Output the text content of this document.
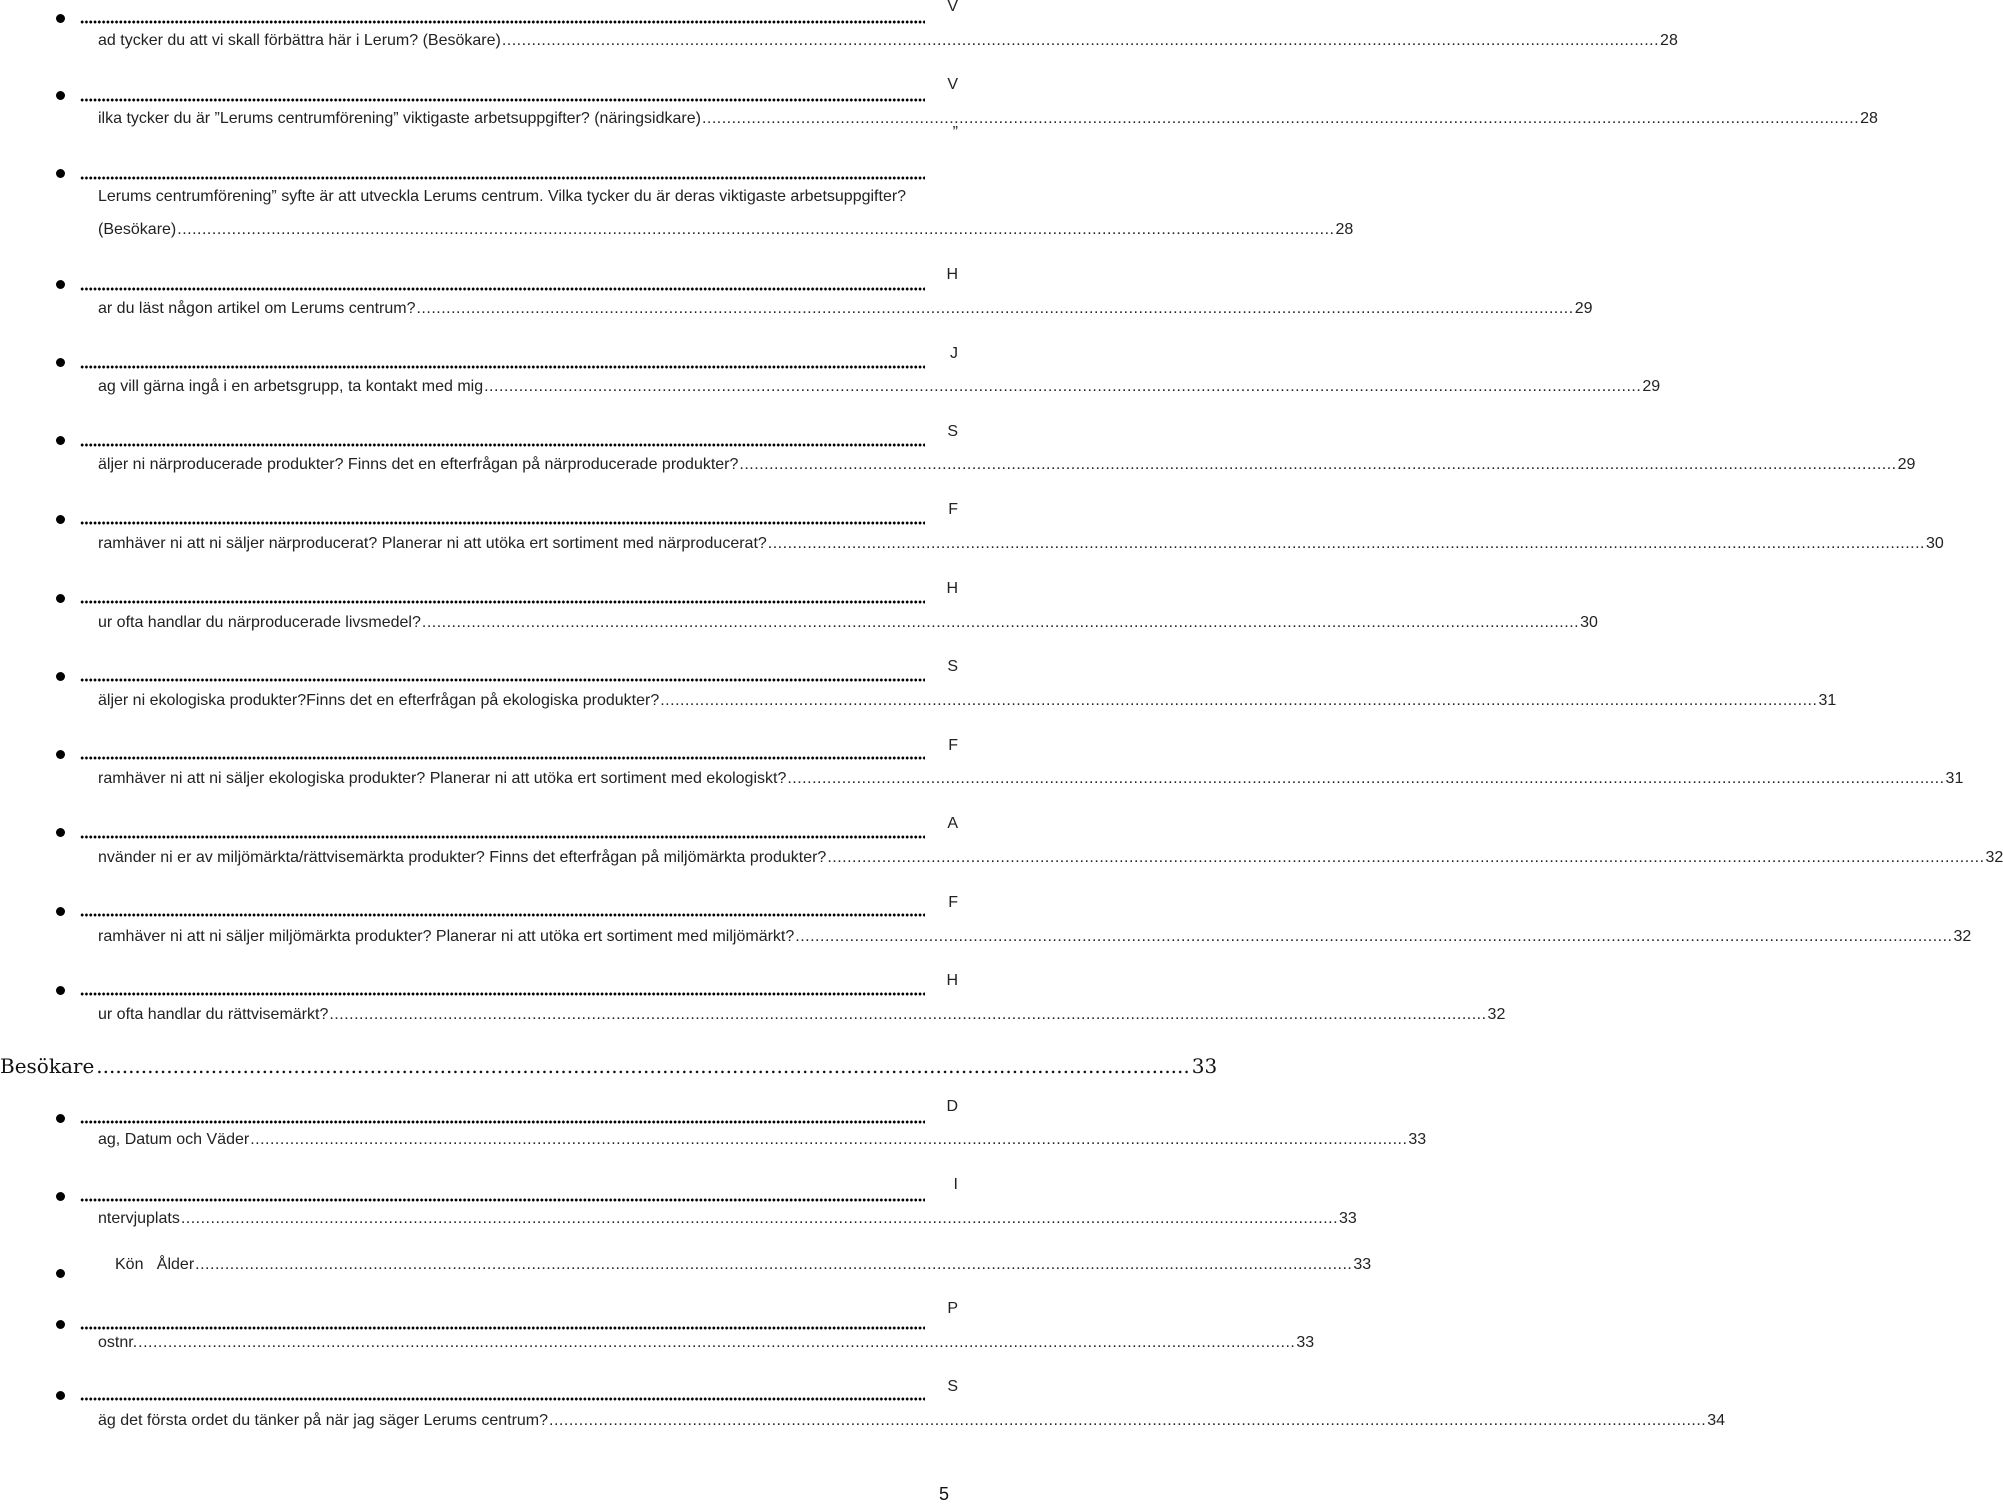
V
ad tycker du att vi skall förbättra här i Lerum? (Besökare) .....	28
V
ilka tycker du är ”Lerums centrumförening” viktigaste arbetsuppgifter? (näringsidkare) .....	28
”
Lerums centrumförening” syfte är att utveckla Lerums centrum. Vilka tycker du är deras viktigaste arbetsuppgifter?
(Besökare) .....	28
H
ar du läst någon artikel om Lerums centrum? .....	29
J
ag vill gärna ingå i en arbetsgrupp, ta kontakt med mig .....	29
S
äljer ni närproducerade produkter? Finns det en efterfrågan på närproducerade produkter? .....	29
F
ramhäver ni att ni säljer närproducerat? Planerar ni att utöka ert sortiment med närproducerat? .....	30
H
ur ofta handlar du närproducerade livsmedel? .....	30
S
äljer ni ekologiska produkter? Finns det en efterfrågan på ekologiska produkter? .....	31
F
ramhäver ni att ni säljer ekologiska produkter? Planerar ni att utöka ert sortiment med ekologiskt? .....	31
A
nvänder ni er av miljömärkta/rättvisemärkta produkter? Finns det efterfrågan på miljömärkta produkter? .....	32
F
ramhäver ni att ni säljer miljömärkta produkter? Planerar ni att utöka ert sortiment med miljömärkt? .....	32
H
ur ofta handlar du rättvisemärkt? .....	32
Besökare .....	33
D
ag, Datum och Väder .....	33
I
ntervjuplats .....	33
Kön   Ålder .....	33
P
ostnr. .....	33
S
äg det första ordet du tänker på när jag säger Lerums centrum? .....	34
5
